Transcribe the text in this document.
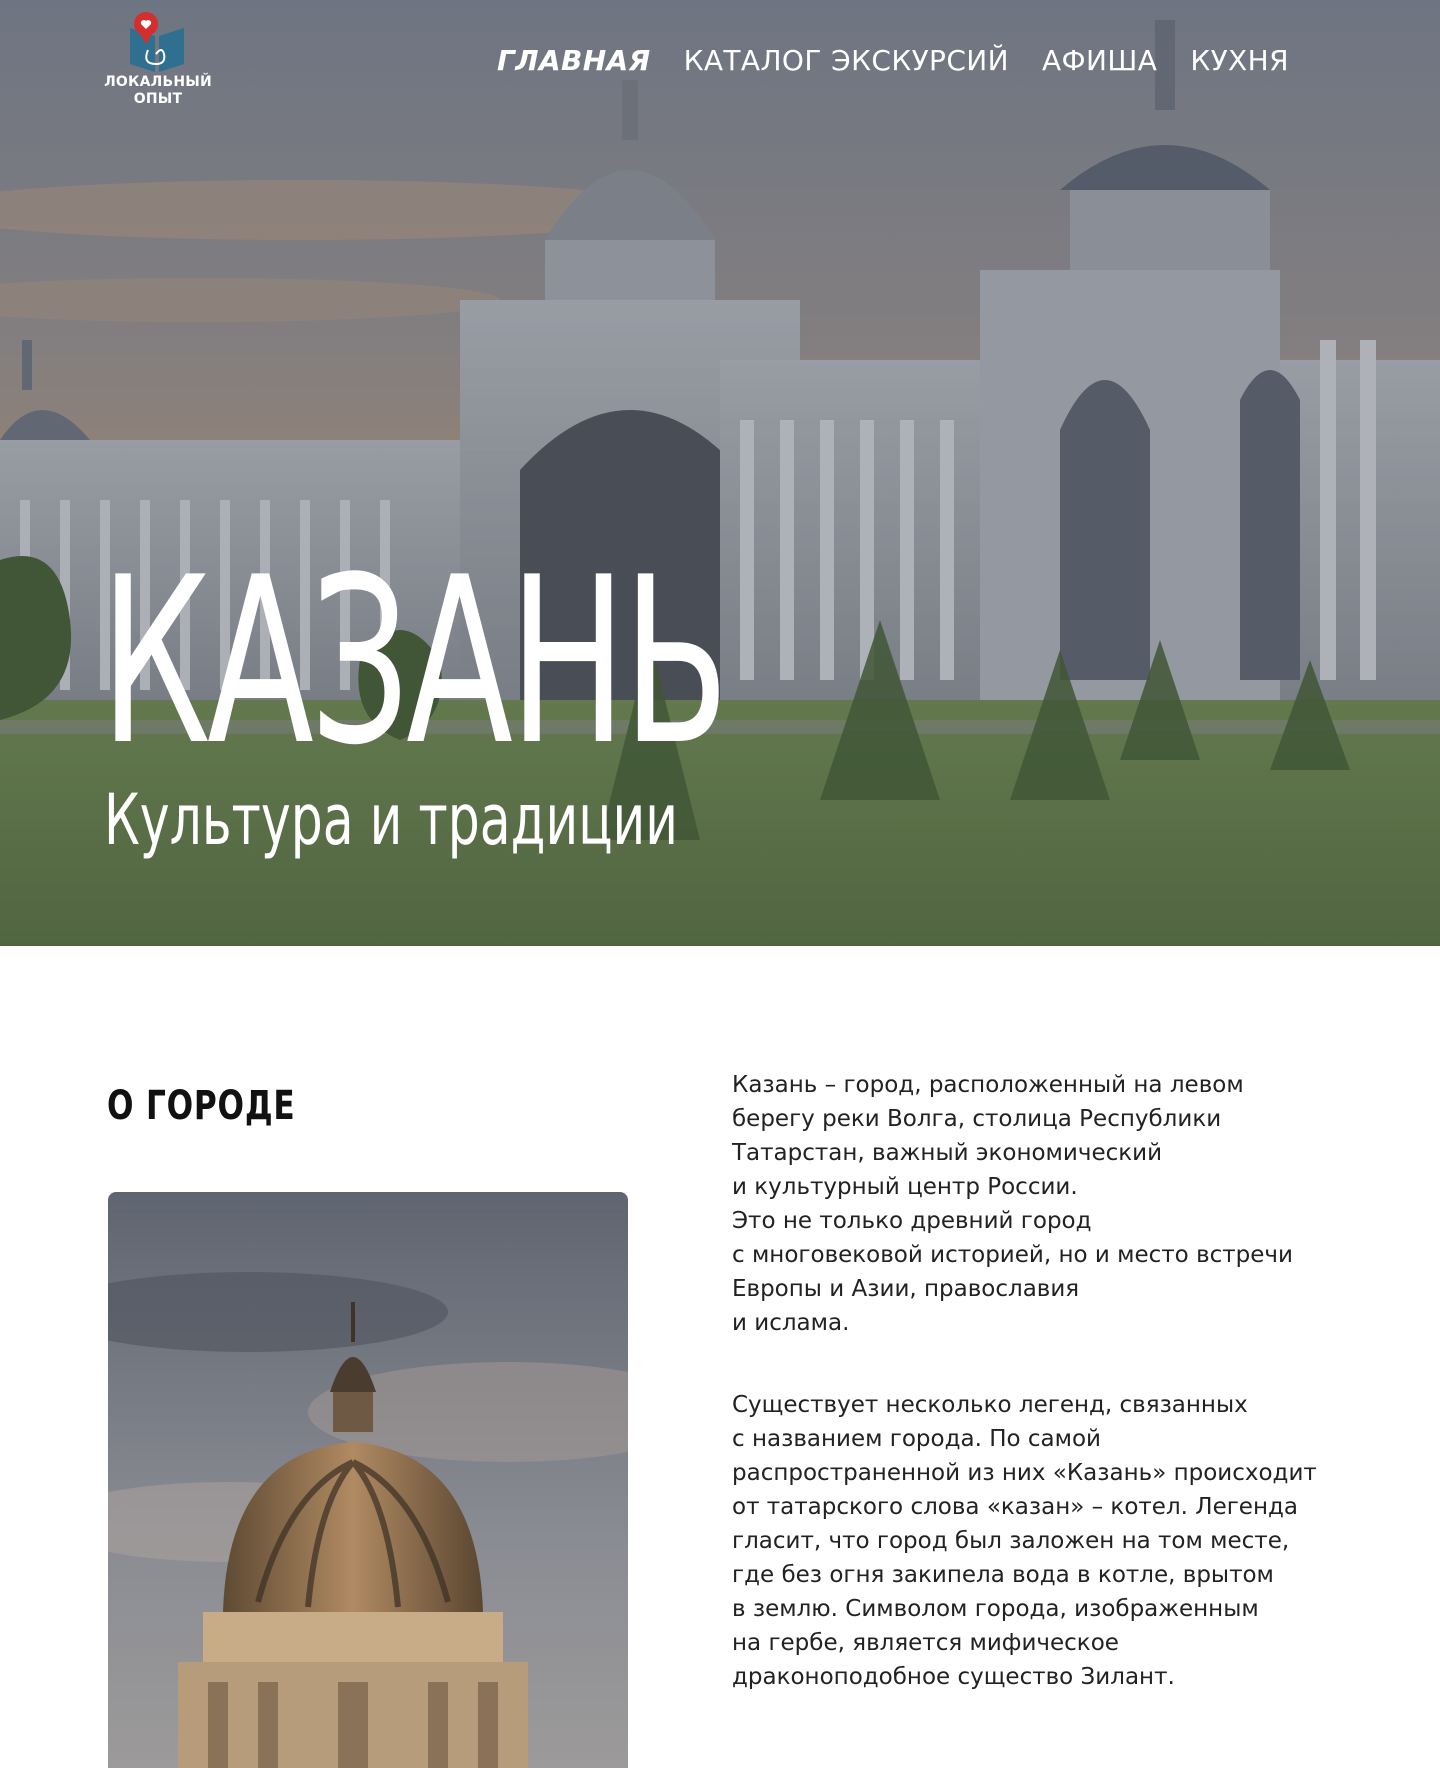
ЛОКАЛЬНЫЙ
ОПЫТ
ГЛАВНАЯ КАТАЛОГ ЭКСКУРСИЙ АФИША КУХНЯ
КАЗАНЬ
Культура и традиции
О ГОРОДЕ	Казань – город, расположенный на левом
берегу реки Волга, столица Республики
Татарстан, важный экономический
и культурный центр России.
Это не только древний город
с многовековой историей, но и место встречи
Европы и Азии, православия
и ислама.

Существует несколько легенд, связанных
с названием города. По самой
распространенной из них «Казань» происходит
от татарского слова «казан» – котел. Легенда
гласит, что город был заложен на том месте,
где без огня закипела вода в котле, врытом
в землю. Символом города, изображенным
на гербе, является мифическое
драконоподобное существо Зилант.
